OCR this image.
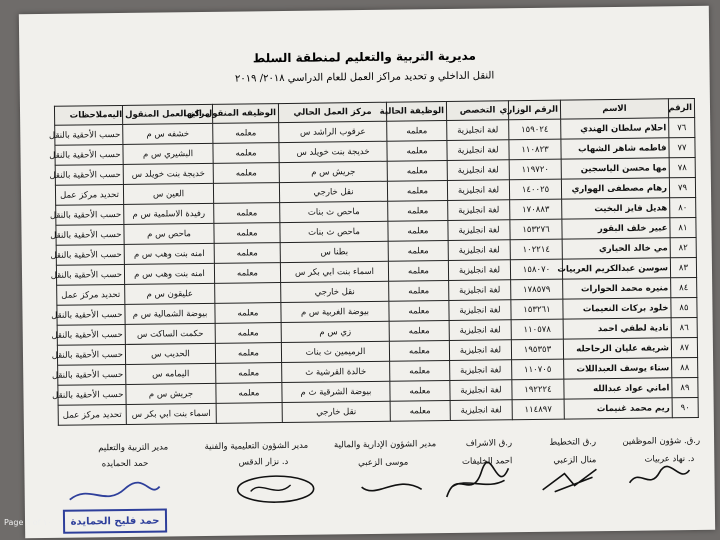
مديرية التربية والتعليم لمنطقة السلط
النقل الداخلي و تحديد مراكز العمل للعام الدراسي ٢٠١٨/ ٢٠١٩
الرقم	الاسم	الرقم الوزاري	التخصص	الوظيفة الحالية	مركز العمل الحالي	الوظيفه المنقول اليها	مركز العمل المنقول اليه	ملاحظات
٧٦	احلام سلطان الهندي	١٥٩٠٢٤	لغة انجليزية	معلمه	عرقوب الراشد س	معلمه	خشفه س م	حسب الأحقية بالنقل
٧٧	فاطمه شاهر الشهاب	١١٠٨٢٣	لغة انجليزية	معلمه	خديجة بنت خويلد س	معلمه	البشيري س م	حسب الأحقية بالنقل
٧٨	مها محسن الياسجين	١١٩٧٢٠	لغة انجليزية	معلمه	جريش س م	معلمه	خديجة بنت خويلد س	حسب الأحقية بالنقل
٧٩	رهام مصطفى الهواري	١٤٠٠٢٥	لغة انجليزية	معلمه	نقل خارجي		العين س	تحديد مركز عمل
٨٠	هديل فايز البخيت	١٧٠٨٨٣	لغة انجليزية	معلمه	ماحص ث بنات	معلمه	رفيدة الاسلمية س م	حسب الأحقية بالنقل
٨١	عبير خلف البقور	١٥٣٢٧٦	لغة انجليزية	معلمه	ماحص ث بنات	معلمه	ماحص س م	حسب الأحقية بالنقل
٨٢	مي خالد الحياري	١٠٢٢١٤	لغة انجليزية	معلمه	بطنا س	معلمه	امنه بنت وهب س م	حسب الأحقية بالنقل
٨٣	سوسن عبدالكريم العربيات	١٥٨٠٧٠	لغة انجليزية	معلمه	اسماء بنت ابي بكر س	معلمه	امنه بنت وهب س م	حسب الأحقية بالنقل
٨٤	منيره محمد الحوارات	١٧٨٥٧٩	لغة انجليزية	معلمه	نقل خارجي		عليقون س م	تحديد مركز عمل
٨٥	خلود بركات النعيمات	١٥٣٢٦١	لغة انجليزية	معلمه	بيوضة الغربية س م	معلمه	بيوضة الشمالية س م	حسب الأحقية بالنقل
٨٦	نادية لطفي احمد	١١٠٥٧٨	لغة انجليزية	معلمه	زي س م	معلمه	حكمت الساكت س	حسب الأحقية بالنقل
٨٧	شريفه عليان الرحاحله	١٩٥٣٥٣	لغة انجليزية	معلمه	الرميمين ث بنات	معلمه	الحديب س	حسب الأحقية بالنقل
٨٨	سناء يوسف العبداللات	١١٠٧٠٥	لغة انجليزية	معلمه	خالدة القرشية ث	معلمه	اليمامه س	حسب الأحقية بالنقل
٨٩	اماني عواد عبدالله	١٩٢٢٢٤	لغة انجليزية	معلمه	بيوضة الشرقية ث م	معلمه	جريش س م	حسب الأحقية بالنقل
٩٠	ريم محمد غنيمات	١١٤٨٩٧	لغة انجليزية	معلمه	نقل خارجي		اسماء بنت ابي بكر س	تحديد مركز عمل
ر.ق. شؤون الموظفين
د. نهاد عربيات
ر.ق التخطيط
منال الزعبي
ر.ق الاشراف
احمد الخليفات
مدير الشؤون الإدارية والمالية
موسى الزعبي
مدير الشؤون التعليمية والفنية
د. نزار الدقس
مدير التربية والتعليم
حمد الحمايده
حمد فليح الحمايدة
Page ٦ of ١٠
